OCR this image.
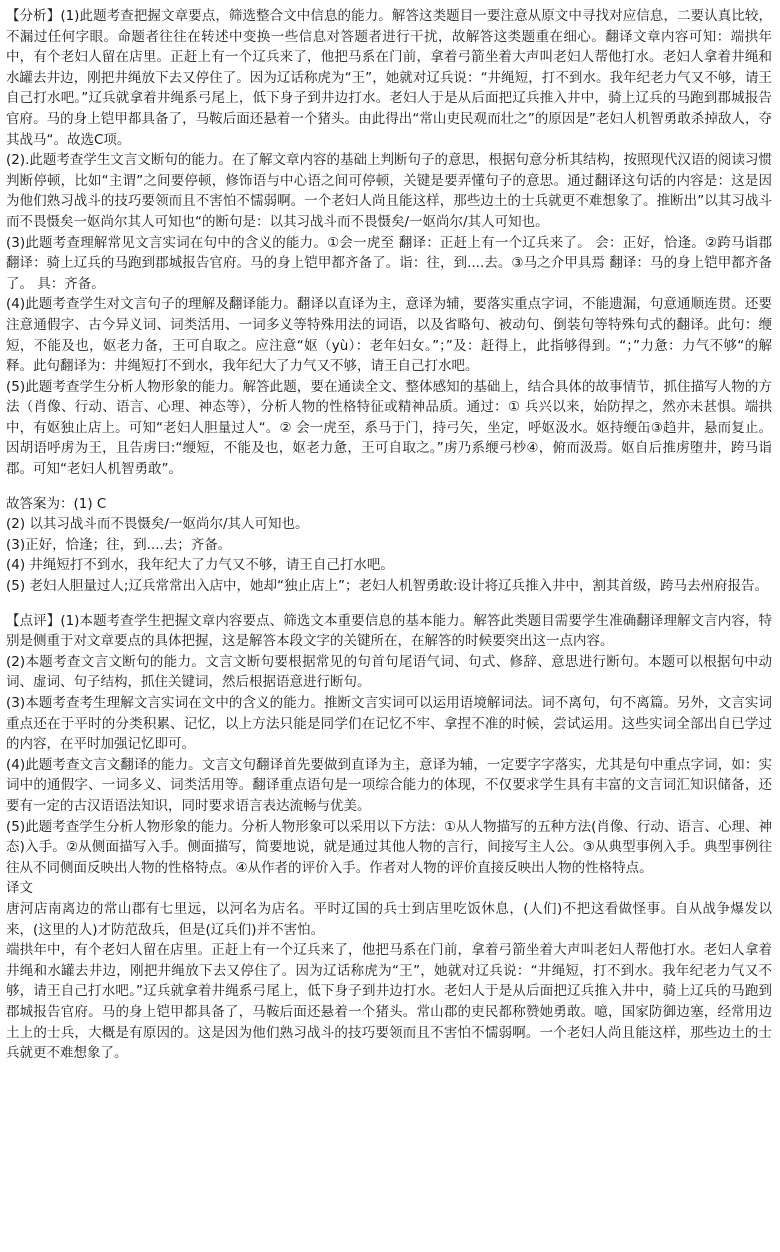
【分析】(1)此题考查把握文章要点，筛选整合文中信息的能力。解答这类题目一要注意从原文中寻找对应信息，二要认真比较，不漏过任何字眼。命题者往往在转述中变换一些信息对答题者进行干扰，故解答这类题重在细心。翻译文章内容可知：端拱年中，有个老妇人留在店里。正赶上有一个辽兵来了，他把马系在门前，拿着弓箭坐着大声叫老妇人帮他打水。老妇人拿着井绳和水罐去井边，刚把井绳放下去又停住了。因为辽话称虎为“王”，她就对辽兵说：“井绳短，打不到水。我年纪老力气又不够，请王自己打水吧。”辽兵就拿着井绳系弓尾上，低下身子到井边打水。老妇人于是从后面把辽兵推入井中，骑上辽兵的马跑到郡城报告官府。马的身上铠甲都具备了，马鞍后面还悬着一个猪头。由此得出“常山吏民观而壮之”的原因是”老妇人机智勇敢杀掉敌人，夺其战马“。故选C项。

(2).此题考查学生文言文断句的能力。在了解文章内容的基础上判断句子的意思，根据句意分析其结构，按照现代汉语的阅读习惯判断停顿，比如“主谓”之间要停顿，修饰语与中心语之间可停顿，关键是要弄懂句子的意思。通过翻译这句话的内容是：这是因为他们熟习战斗的技巧要领而且不害怕不懦弱啊。一个老妇人尚且能这样，那些边土的士兵就更不难想象了。推断出”以其习战斗而不畏慑矣一妪尚尔其人可知也“的断句是：以其习战斗而不畏慑矣/一妪尚尔/其人可知也。

(3)此题考查理解常见文言实词在句中的含义的能力。①会一虎至 翻译：正赶上有一个辽兵来了。 会：正好，恰逢。②跨马诣郡 翻译：骑上辽兵的马跑到郡城报告官府。马的身上铠甲都齐备了。诣：往，到....去。③马之介甲具焉 翻译：马的身上铠甲都齐备了。 具：齐备。

(4)此题考查学生对文言句子的理解及翻译能力。翻译以直译为主，意译为辅，要落实重点字词，不能遗漏，句意通顺连贯。还要注意通假字、古今异义词、词类活用、一词多义等特殊用法的词语，以及省略句、被动句、倒装句等特殊句式的翻译。此句：缏短，不能及也，妪老力备，王可自取之。应注意“妪（yù）：老年妇女。”；”及：赶得上，此指够得到。“；”力惫：力气不够“的解释。此句翻译为：井绳短打不到水，我年纪大了力气又不够，请王自己打水吧。

(5)此题考查学生分析人物形象的能力。解答此题，要在通读全文、整体感知的基础上，结合具体的故事情节，抓住描写人物的方法（肖像、行动、语言、心理、神态等），分析人物的性格特征或精神品质。通过：① 兵兴以来，始防捍之，然亦未甚惧。端拱中，有妪独止店上。可知“老妇人胆量过人“。② 会一虎至，系马于门，持弓矢，坐定，呼妪汲水。妪持缏缶③趋井，悬而复止。因胡语呼虏为王，且告虏曰:“缏短，不能及也，妪老力惫，王可自取之。”虏乃系缏弓杪④，俯而汲焉。妪自后推虏堕井，跨马诣郡。可知“老妇人机智勇敢”。

故答案为：(1) C

(2) 以其习战斗而不畏慑矣/一妪尚尔/其人可知也。

(3)正好，恰逢；往，到....去；齐备。

(4) 井绳短打不到水，我年纪大了力气又不够，请王自己打水吧。

(5) 老妇人胆量过人;辽兵常常出入店中，她却“独止店上”；老妇人机智勇敢:设计将辽兵推入井中，割其首级，跨马去州府报告。

【点评】(1)本题考查学生把握文章内容要点、筛选文本重要信息的基本能力。解答此类题目需要学生准确翻译理解文言内容，特别是侧重于对文章要点的具体把握，这是解答本段文字的关键所在，在解答的时候要突出这一点内容。

(2)本题考查文言文断句的能力。文言文断句要根据常见的句首句尾语气词、句式、修辞、意思进行断句。本题可以根据句中动词、虚词、句子结构，抓住关键词，然后根据语意进行断句。

(3)本题考查考生理解文言实词在文中的含义的能力。推断文言实词可以运用语境解词法。词不离句，句不离篇。另外，文言实词重点还在于平时的分类积累、记忆，以上方法只能是同学们在记忆不牢、拿捏不准的时候，尝试运用。这些实词全部出自已学过的内容，在平时加强记忆即可。

(4)此题考查文言文翻译的能力。文言文句翻译首先要做到直译为主，意译为辅，一定要字字落实，尤其是句中重点字词，如：实词中的通假字、一词多义、词类活用等。翻译重点语句是一项综合能力的体现，不仅要求学生具有丰富的文言词汇知识储备，还要有一定的古汉语语法知识，同时要求语言表达流畅与优美。

(5)此题考查学生分析人物形象的能力。分析人物形象可以采用以下方法：①从人物描写的五种方法(肖像、行动、语言、心理、神态)入手。②从侧面描写入手。侧面描写，简要地说，就是通过其他人物的言行，间接写主人公。③从典型事例入手。典型事例往往从不同侧面反映出人物的性格特点。④从作者的评价入手。作者对人物的评价直接反映出人物的性格特点。

译文

唐河店南离边的常山郡有七里远，以河名为店名。平时辽国的兵士到店里吃饭休息，(人们)不把这看做怪事。自从战争爆发以来，(这里的人)才防范敌兵，但是(辽兵们)并不害怕。

端拱年中，有个老妇人留在店里。正赶上有一个辽兵来了，他把马系在门前，拿着弓箭坐着大声叫老妇人帮他打水。老妇人拿着井绳和水罐去井边，刚把井绳放下去又停住了。因为辽话称虎为“王”，她就对辽兵说：“井绳短，打不到水。我年纪老力气又不够，请王自己打水吧。”辽兵就拿着井绳系弓尾上，低下身子到井边打水。老妇人于是从后面把辽兵推入井中，骑上辽兵的马跑到郡城报告官府。马的身上铠甲都具备了，马鞍后面还悬着一个猪头。常山郡的吏民都称赞她勇敢。噫，国家防御边塞，经常用边土上的士兵，大概是有原因的。这是因为他们熟习战斗的技巧要领而且不害怕不懦弱啊。一个老妇人尚且能这样，那些边土的士兵就更不难想象了。
